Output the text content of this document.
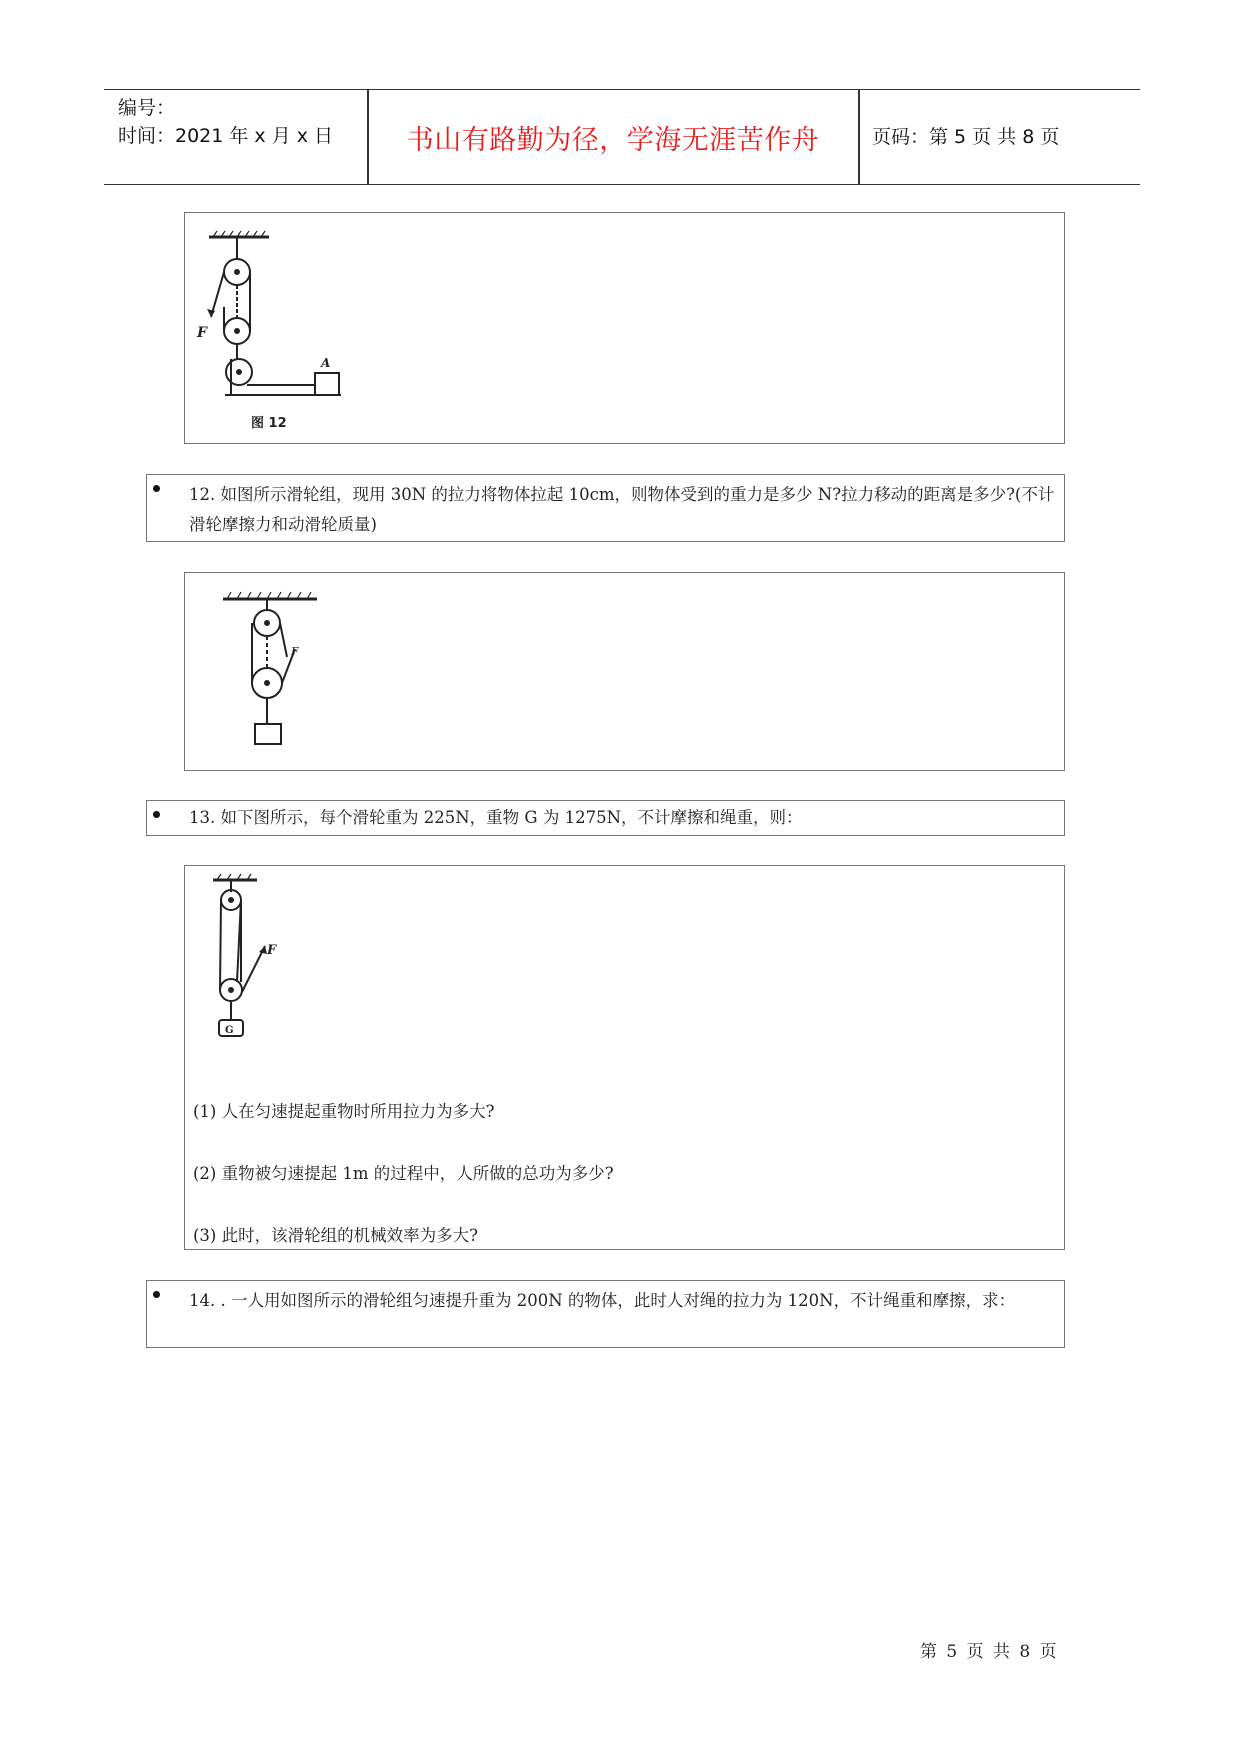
编号：
时间：2021 年 x 月 x 日	书山有路勤为径，学海无涯苦作舟	页码：第 5 页 共 8 页
F
A
图 12
12. 如图所示滑轮组，现用 30N 的拉力将物体拉起 10cm，则物体受到的重力是多少 N?拉力移动的距离是多少?(不计滑轮摩擦力和动滑轮质量)
F
13. 如下图所示，每个滑轮重为 225N，重物 G 为 1275N，不计摩擦和绳重，则：
F
G
(1) 人在匀速提起重物时所用拉力为多大?
(2) 重物被匀速提起 1m 的过程中，人所做的总功为多少?
(3) 此时，该滑轮组的机械效率为多大?
14. . 一人用如图所示的滑轮组匀速提升重为 200N 的物体，此时人对绳的拉力为 120N，不计绳重和摩擦，求：
第 5 页 共 8 页
